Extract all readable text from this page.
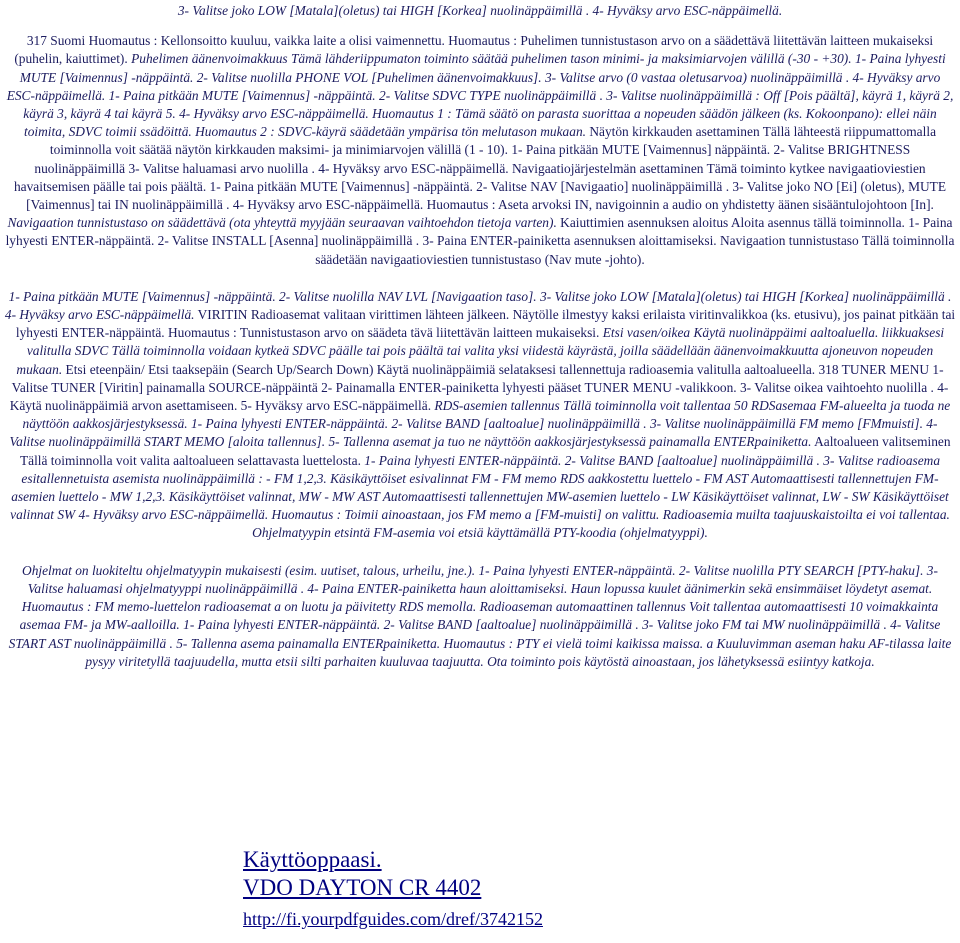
3- Valitse joko LOW [Matala](oletus) tai HIGH [Korkea] nuolinäppäimillä . 4- Hyväksy arvo ESC-näppäimellä.

317 Suomi Huomautus : Kellonsoitto kuuluu, vaikka laite a olisi vaimennettu. Huomautus : Puhelimen tunnistustason arvo on a säädettävä liitettävän laitteen mukaiseksi (puhelin, kaiuttimet). Puhelimen äänenvoimakkuus Tämä lähderiippumaton toiminto säätää puhelimen tason minimi- ja maksimiarvojen välillä (-30 - +30). 1- Paina lyhyesti MUTE [Vaimennus] -näppäintä. 2- Valitse nuolilla PHONE VOL [Puhelimen äänenvoimakkuus]. 3- Valitse arvo (0 vastaa oletusarvoa) nuolinäppäimillä . 4- Hyväksy arvo ESC-näppäimellä. 1- Paina pitkään MUTE [Vaimennus] -näppäintä. 2- Valitse SDVC TYPE nuolinäppäimillä . 3- Valitse nuolinäppäimillä : Off [Pois päältä], käyrä 1, käyrä 2, käyrä 3, käyrä 4 tai käyrä 5. 4- Hyväksy arvo ESC-näppäimellä. Huomautus 1 : Tämä säätö on parasta suorittaa a nopeuden säädön jälkeen (ks. Kokoonpano): ellei näin toimita, SDVC toimii ssädöittä. Huomautus 2 : SDVC-käyrä säädetään ympärisa tön melutason mukaan. Näytön kirkkauden asettaminen Tällä lähteestä riippumattomalla toiminnolla voit säätää näytön kirkkauden maksimi- ja minimiarvojen välillä (1 - 10). 1- Paina pitkään MUTE [Vaimennus] näppäintä. 2- Valitse BRIGHTNESS nuolinäppäimillä 3- Valitse haluamasi arvo nuolilla . 4- Hyväksy arvo ESC-näppäimellä. Navigaatiojärjestelmän asettaminen Tämä toiminto kytkee navigaatioviestien havaitsemisen päälle tai pois päältä. 1- Paina pitkään MUTE [Vaimennus] -näppäintä. 2- Valitse NAV [Navigaatio] nuolinäppäimillä . 3- Valitse joko NO [Ei] (oletus), MUTE [Vaimennus] tai IN nuolinäppäimillä . 4- Hyväksy arvo ESC-näppäimellä. Huomautus : Aseta arvoksi IN, navigoinnin a audio on yhdistetty äänen sisääntulojohtoon [In]. Navigaation tunnistustaso on säädettävä (ota yhteyttä myyjään seuraavan vaihtoehdon tietoja varten). Kaiuttimien asennuksen aloitus Aloita asennus tällä toiminnolla. 1- Paina lyhyesti ENTER-näppäintä. 2- Valitse INSTALL [Asenna] nuolinäppäimillä . 3- Paina ENTER-painiketta asennuksen aloittamiseksi. Navigaation tunnistustaso Tällä toiminnolla säädetään navigaatioviestien tunnistustaso (Nav mute -johto).

1- Paina pitkään MUTE [Vaimennus] -näppäintä. 2- Valitse nuolilla NAV LVL [Navigaation taso]. 3- Valitse joko LOW [Matala](oletus) tai HIGH [Korkea] nuolinäppäimillä . 4- Hyväksy arvo ESC-näppäimellä. VIRITIN Radioasemat valitaan virittimen lähteen jälkeen. Näytölle ilmestyy kaksi erilaista viritinvalikkoa (ks. etusivu), jos painat pitkään tai lyhyesti ENTER-näppäintä. Huomautus : Tunnistustason arvo on säädeta tävä liitettävän laitteen mukaiseksi. Etsi vasen/oikea Käytä nuolinäppäimi aaltoaluella. liikkuaksesi valitulla SDVC Tällä toiminnolla voidaan kytkeä SDVC päälle tai pois päältä tai valita yksi viidestä käyrästä, joilla säädellään äänenvoimakkuutta ajoneuvon nopeuden mukaan. Etsi eteenpäin/ Etsi taaksepäin (Search Up/Search Down) Käytä nuolinäppäimiä selataksesi tallennettuja radioasemia valitulla aaltoalueella. 318 TUNER MENU 1- Valitse TUNER [Viritin] painamalla SOURCE-näppäintä 2- Painamalla ENTER-painiketta lyhyesti pääset TUNER MENU -valikkoon. 3- Valitse oikea vaihtoehto nuolilla . 4- Käytä nuolinäppäimiä arvon asettamiseen. 5- Hyväksy arvo ESC-näppäimellä. RDS-asemien tallennus Tällä toiminnolla voit tallentaa 50 RDSasemaa FM-alueelta ja tuoda ne näyttöön aakkosjärjestyksessä. 1- Paina lyhyesti ENTER-näppäintä. 2- Valitse BAND [aaltoalue] nuolinäppäimillä . 3- Valitse nuolinäppäimillä FM memo [FMmuisti]. 4- Valitse nuolinäppäimillä START MEMO [aloita tallennus]. 5- Tallenna asemat ja tuo ne näyttöön aakkosjärjestyksessä painamalla ENTERpainiketta. Aaltoalueen valitseminen Tällä toiminnolla voit valita aaltoalueen selattavasta luettelosta. 1- Paina lyhyesti ENTER-näppäintä. 2- Valitse BAND [aaltoalue] nuolinäppäimillä . 3- Valitse radioasema esitallennetuista asemista nuolinäppäimillä : - FM 1,2,3. Käsikäyttöiset esivalinnat FM - FM memo RDS aakkostettu luettelo - FM AST Automaattisesti tallennettujen FM-asemien luettelo - MW 1,2,3. Käsikäyttöiset valinnat, MW - MW AST Automaattisesti tallennettujen MW-asemien luettelo - LW Käsikäyttöiset valinnat, LW - SW Käsikäyttöiset valinnat SW 4- Hyväksy arvo ESC-näppäimellä. Huomautus : Toimii ainoastaan, jos FM memo a [FM-muisti] on valittu. Radioasemia muilta taajuuskaistoilta ei voi tallentaa. Ohjelmatyypin etsintä FM-asemia voi etsiä käyttämällä PTY-koodia (ohjelmatyyppi).

Ohjelmat on luokiteltu ohjelmatyypin mukaisesti (esim. uutiset, talous, urheilu, jne.). 1- Paina lyhyesti ENTER-näppäintä. 2- Valitse nuolilla PTY SEARCH [PTY-haku]. 3- Valitse haluamasi ohjelmatyyppi nuolinäppäimillä . 4- Paina ENTER-painiketta haun aloittamiseksi. Haun lopussa kuulet äänimerkin sekä ensimmäiset löydetyt asemat. Huomautus : FM memo-luettelon radioasemat a on luotu ja päivitetty RDS memolla. Radioaseman automaattinen tallennus Voit tallentaa automaattisesti 10 voimakkainta asemaa FM- ja MW-aalloilla. 1- Paina lyhyesti ENTER-näppäintä. 2- Valitse BAND [aaltoalue] nuolinäppäimillä . 3- Valitse joko FM tai MW nuolinäppäimillä . 4- Valitse START AST nuolinäppäimillä . 5- Tallenna asema painamalla ENTERpainiketta. Huomautus : PTY ei vielä toimi kaikissa maissa. a Kuuluvimman aseman haku AF-tilassa laite pysyy viritetyllä taajuudella, mutta etsii silti parhaiten kuuluvaa taajuutta. Ota toiminto pois käytöstä ainoastaan, jos lähetyksessä esiintyy katkoja.

Käyttöoppaasi.
VDO DAYTON CR 4402
http://fi.yourpdfguides.com/dref/3742152
